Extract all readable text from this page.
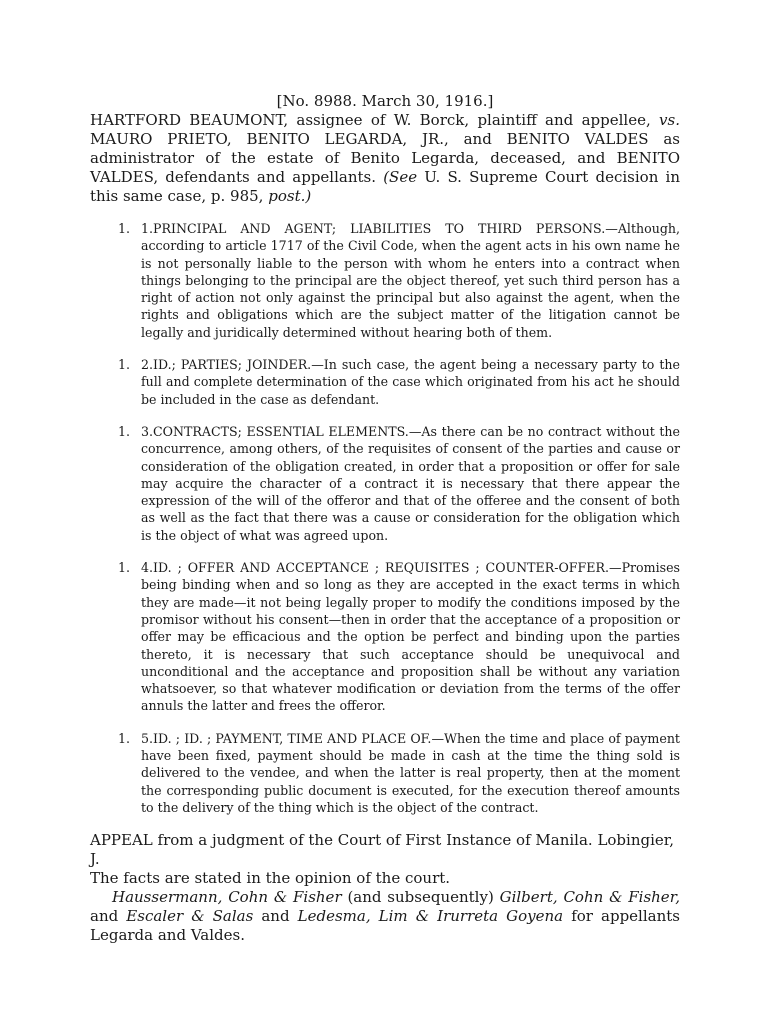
[No. 8988. March 30, 1916.]
HARTFORD BEAUMONT, assignee of W. Borck, plaintiff and appellee, vs. MAURO PRIETO, BENITO LEGARDA, JR., and BENITO VALDES as administrator of the estate of Benito Legarda, deceased, and BENITO VALDES, defendants and appellants. (See U. S. Supreme Court decision in this same case, p. 985, post.)
1. 1.PRINCIPAL AND AGENT; LIABILITIES TO THIRD PERSONS.—Although, according to article 1717 of the Civil Code, when the agent acts in his own name he is not personally liable to the person with whom he enters into a contract when things belonging to the principal are the object thereof, yet such third person has a right of action not only against the principal but also against the agent, when the rights and obligations which are the subject matter of the litigation cannot be legally and juridically determined without hearing both of them.
1. 2.ID.; PARTIES; JOINDER.—In such case, the agent being a necessary party to the full and complete determination of the case which originated from his act he should be included in the case as defendant.
1. 3.CONTRACTS; ESSENTIAL ELEMENTS.—As there can be no contract without the concurrence, among others, of the requisites of consent of the parties and cause or consideration of the obligation created, in order that a proposition or offer for sale may acquire the character of a contract it is necessary that there appear the expression of the will of the offeror and that of the offeree and the consent of both as well as the fact that there was a cause or consideration for the obligation which is the object of what was agreed upon.
1. 4.ID. ; OFFER AND ACCEPTANCE ; REQUISITES ; COUNTER-OFFER.—Promises being binding when and so long as they are accepted in the exact terms in which they are made—it not being legally proper to modify the conditions imposed by the promisor without his consent—then in order that the acceptance of a proposition or offer may be efficacious and the option be perfect and binding upon the parties thereto, it is necessary that such acceptance should be unequivocal and unconditional and the acceptance and proposition shall be without any variation whatsoever, so that whatever modification or deviation from the terms of the offer annuls the latter and frees the offeror.
1. 5.ID. ; ID. ; PAYMENT, TIME AND PLACE OF.—When the time and place of payment have been fixed, payment should be made in cash at the time the thing sold is delivered to the vendee, and when the latter is real property, then at the moment the corresponding public document is executed, for the execution thereof amounts to the delivery of the thing which is the object of the contract.

APPEAL from a judgment of the Court of First Instance of Manila. Lobingier, J.

The facts are stated in the opinion of the court.

Haussermann, Cohn & Fisher (and subsequently) Gilbert, Cohn & Fisher, and Escaler & Salas and Ledesma, Lim & Irurreta Goyena for appellants Legarda and Valdes.
